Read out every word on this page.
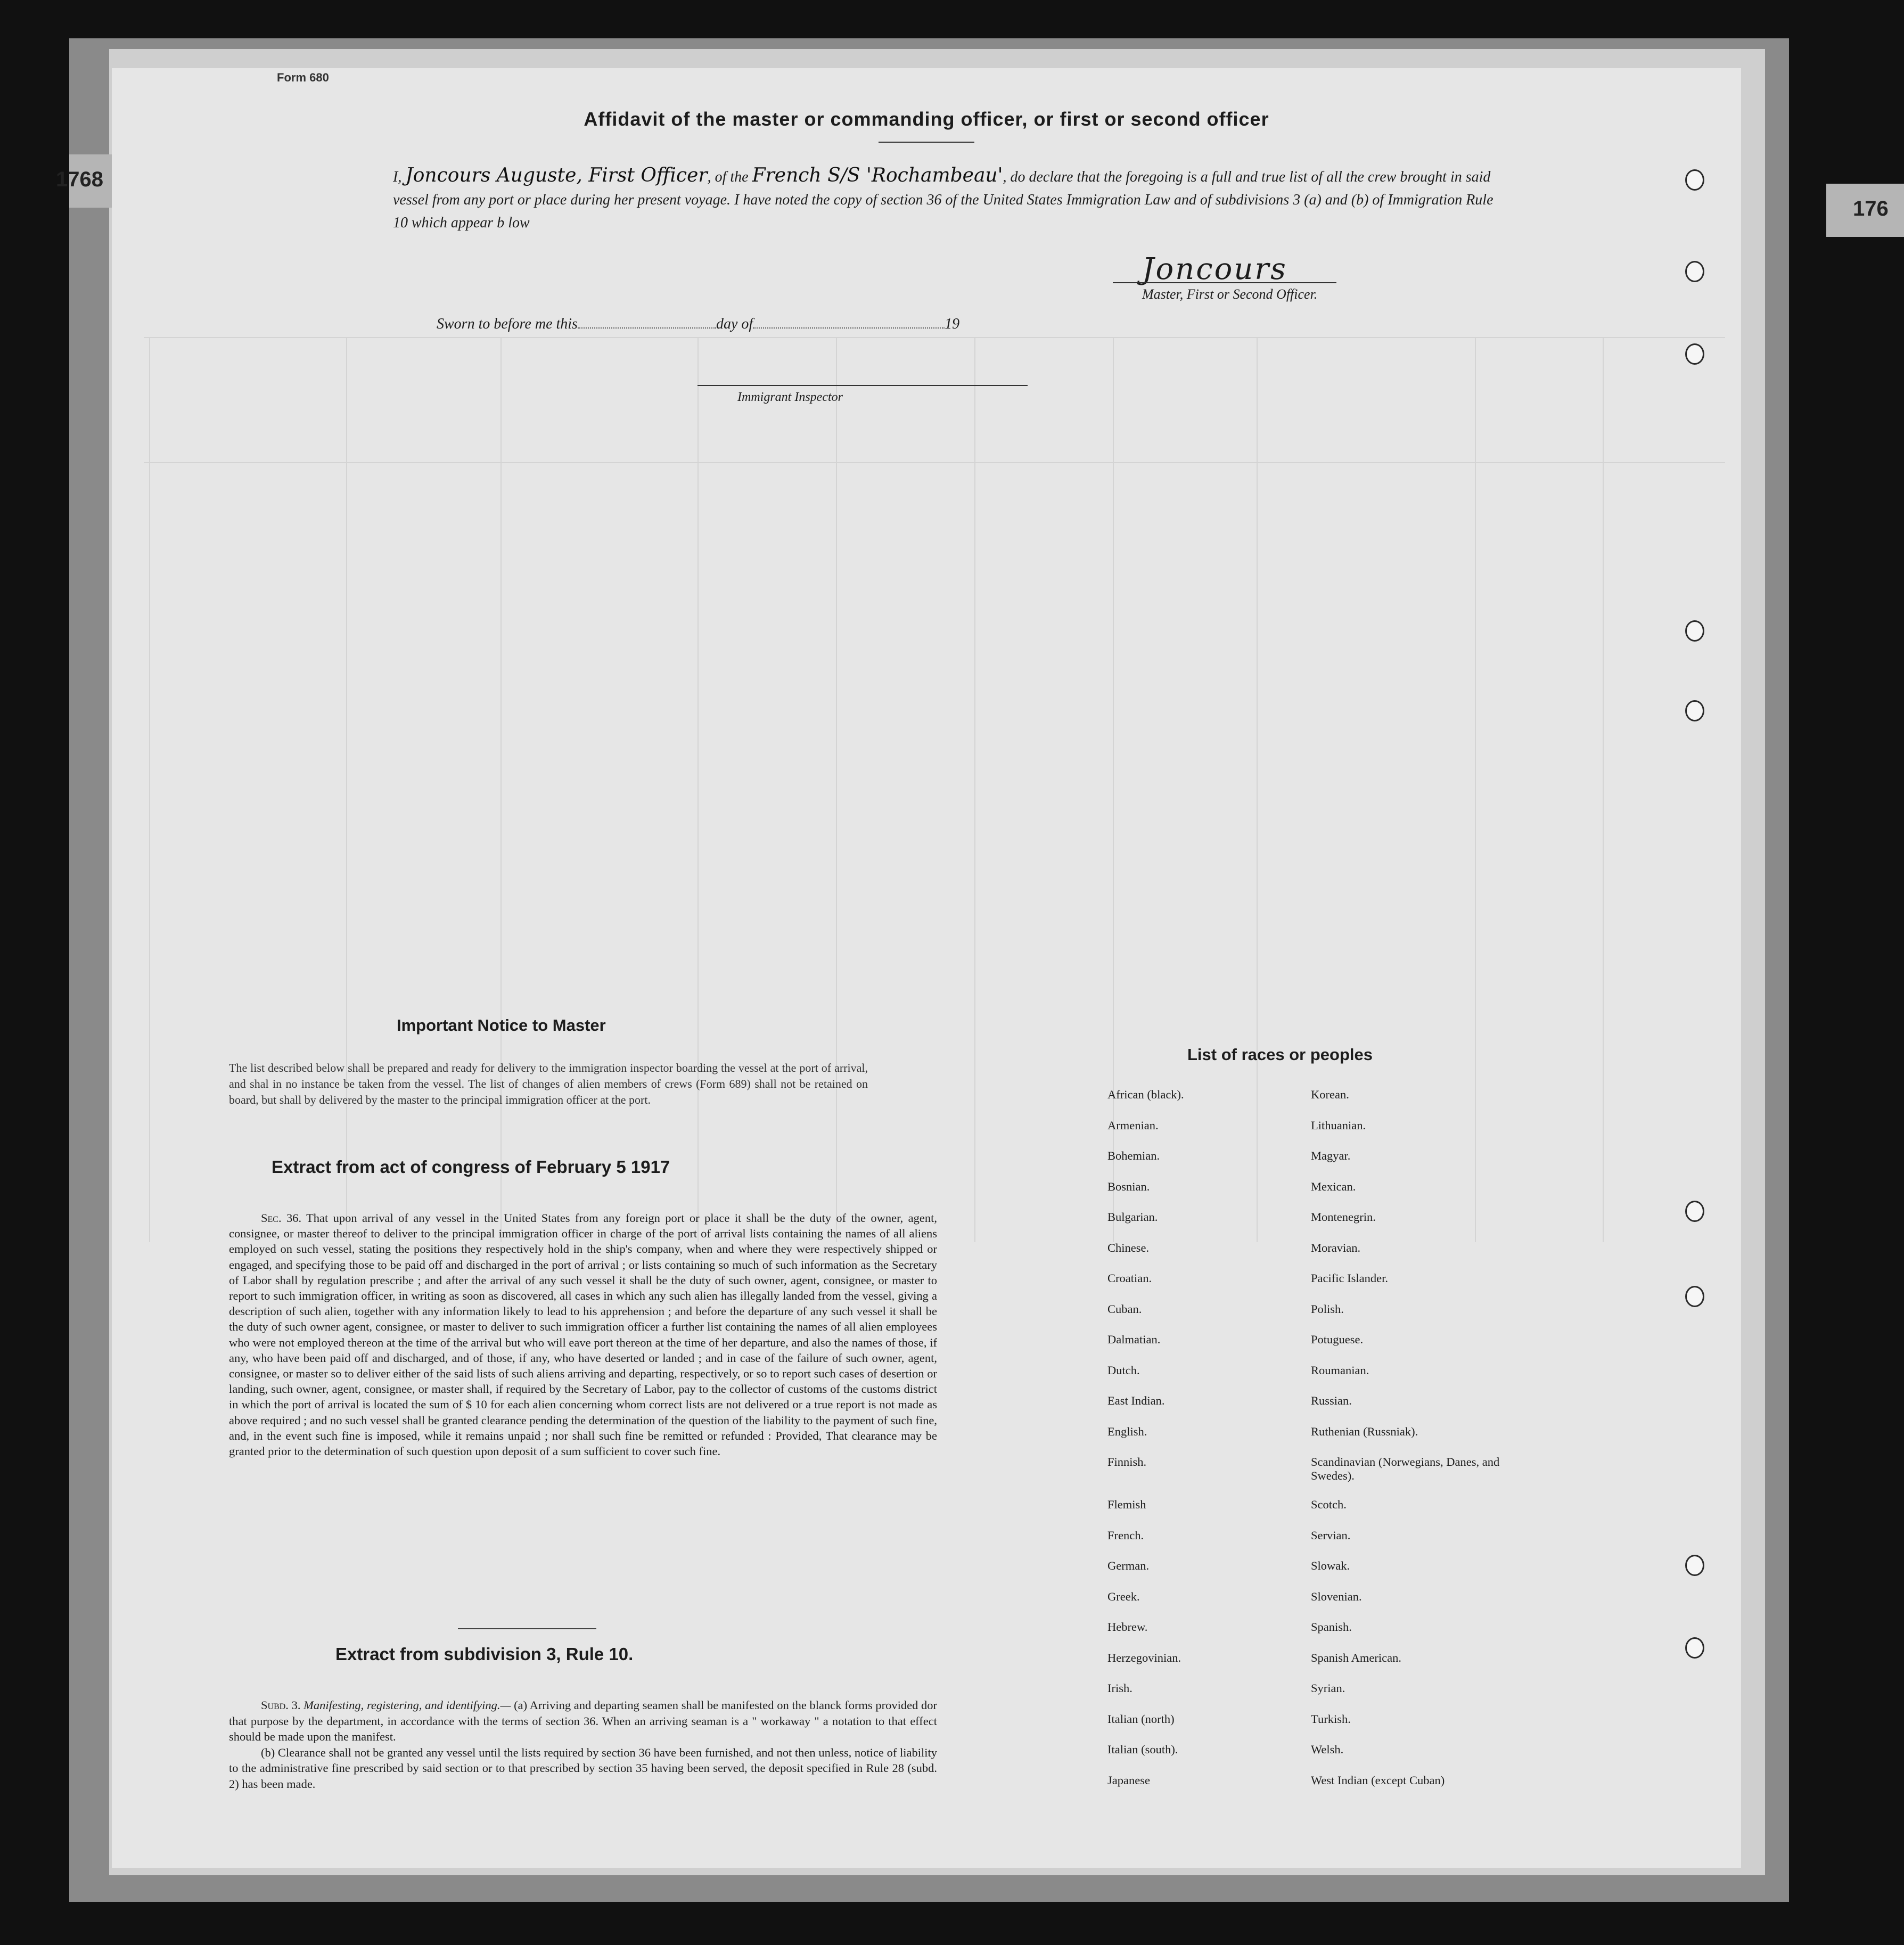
1768
176
Form 680
Affidavit of the master or commanding officer, or first or second officer
I, Joncours Auguste, First Officer, of the French S/S 'Rochambeau', do declare that the foregoing is a full and true list of all the crew brought in said vessel from any port or place during her present voyage. I have noted the copy of section 36 of the United States Immigration Law and of subdivisions 3 (a) and (b) of Immigration Rule 10 which appear b low
Joncours
Master, First or Second Officer.
Sworn to before me this	day of	19
Immigrant Inspector
Important Notice to Master
The list described below shall be prepared and ready for delivery to the immigration inspector boarding the vessel at the port of arrival, and shal in no instance be taken from the vessel. The list of changes of alien members of crews (Form 689) shall not be retained on board, but shall by delivered by the master to the principal immigration officer at the port.
Extract from act of congress of February 5 1917
Sec. 36. That upon arrival of any vessel in the United States from any foreign port or place it shall be the duty of the owner, agent, consignee, or master thereof to deliver to the principal immigration officer in charge of the port of arrival lists containing the names of all aliens employed on such vessel, stating the positions they respectively hold in the ship's company, when and where they were respectively shipped or engaged, and specifying those to be paid off and discharged in the port of arrival ; or lists containing so much of such information as the Secretary of Labor shall by regulation prescribe ; and after the arrival of any such vessel it shall be the duty of such owner, agent, consignee, or master to report to such immigration officer, in writing as soon as discovered, all cases in which any such alien has illegally landed from the vessel, giving a description of such alien, together with any information likely to lead to his apprehension ; and before the departure of any such vessel it shall be the duty of such owner agent, consignee, or master to deliver to such immigration officer a further list containing the names of all alien employees who were not employed thereon at the time of the arrival but who will eave port thereon at the time of her departure, and also the names of those, if any, who have been paid off and discharged, and of those, if any, who have deserted or landed ; and in case of the failure of such owner, agent, consignee, or master so to deliver either of the said lists of such aliens arriving and departing, respectively, or so to report such cases of desertion or landing, such owner, agent, consignee, or master shall, if required by the Secretary of Labor, pay to the collector of customs of the customs district in which the port of arrival is located the sum of $ 10 for each alien concerning whom correct lists are not delivered or a true report is not made as above required ; and no such vessel shall be granted clearance pending the determination of the question of the liability to the payment of such fine, and, in the event such fine is imposed, while it remains unpaid ; nor shall such fine be remitted or refunded : Provided, That clearance may be granted prior to the determination of such question upon deposit of a sum sufficient to cover such fine.
Extract from subdivision 3, Rule 10.
Subd. 3. Manifesting, registering, and identifying.— (a) Arriving and departing seamen shall be manifested on the blanck forms provided dor that purpose by the department, in accordance with the terms of section 36. When an arriving seaman is a " workaway " a notation to that effect should be made upon the manifest.
(b) Clearance shall not be granted any vessel until the lists required by section 36 have been furnished, and not then unless, notice of liability to the administrative fine prescribed by said section or to that prescribed by section 35 having been served, the deposit specified in Rule 28 (subd. 2) has been made.
List of races or peoples
African (black).
Armenian.
Bohemian.
Bosnian.
Bulgarian.
Chinese.
Croatian.
Cuban.
Dalmatian.
Dutch.
East Indian.
English.
Finnish.
Flemish
French.
German.
Greek.
Hebrew.
Herzegovinian.
Irish.
Italian (north)
Italian (south).
Japanese
Korean.
Lithuanian.
Magyar.
Mexican.
Montenegrin.
Moravian.
Pacific Islander.
Polish.
Potuguese.
Roumanian.
Russian.
Ruthenian (Russniak).
Scandinavian (Norwegians, Danes, and Swedes).
Scotch.
Servian.
Slowak.
Slovenian.
Spanish.
Spanish American.
Syrian.
Turkish.
Welsh.
West Indian (except Cuban)
